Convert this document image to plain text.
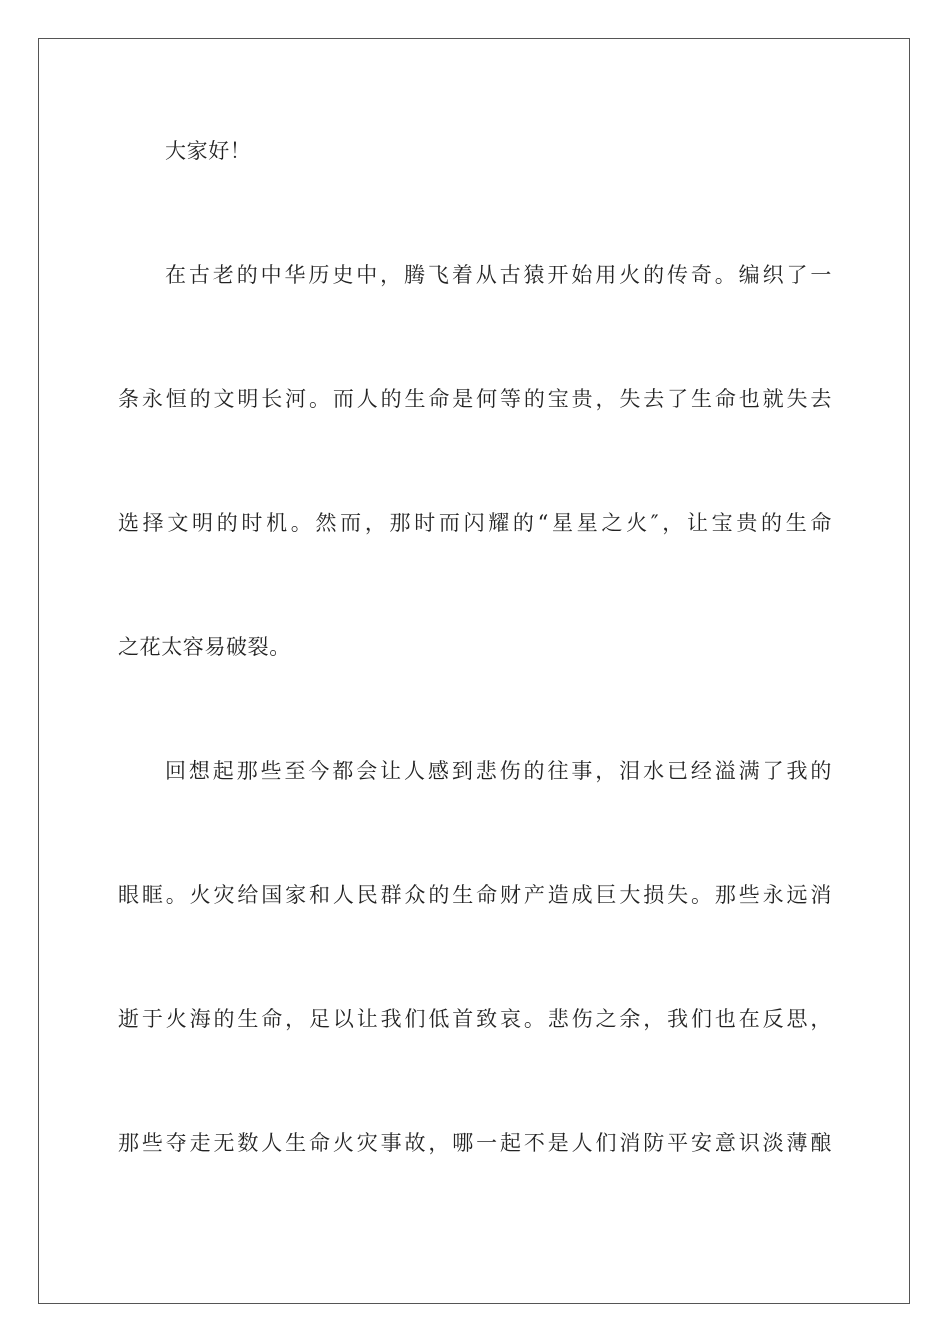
大家好！
在古老的中华历史中，腾飞着从古猿开始用火的传奇。编织了一
条永恒的文明长河。而人的生命是何等的宝贵，失去了生命也就失去
选择文明的时机。然而，那时而闪耀的“星星之火″，让宝贵的生命
之花太容易破裂。
回想起那些至今都会让人感到悲伤的往事，泪水已经溢满了我的
眼眶。火灾给国家和人民群众的生命财产造成巨大损失。那些永远消
逝于火海的生命，足以让我们低首致哀。悲伤之余，我们也在反思，
那些夺走无数人生命火灾事故，哪一起不是人们消防平安意识淡薄酿
